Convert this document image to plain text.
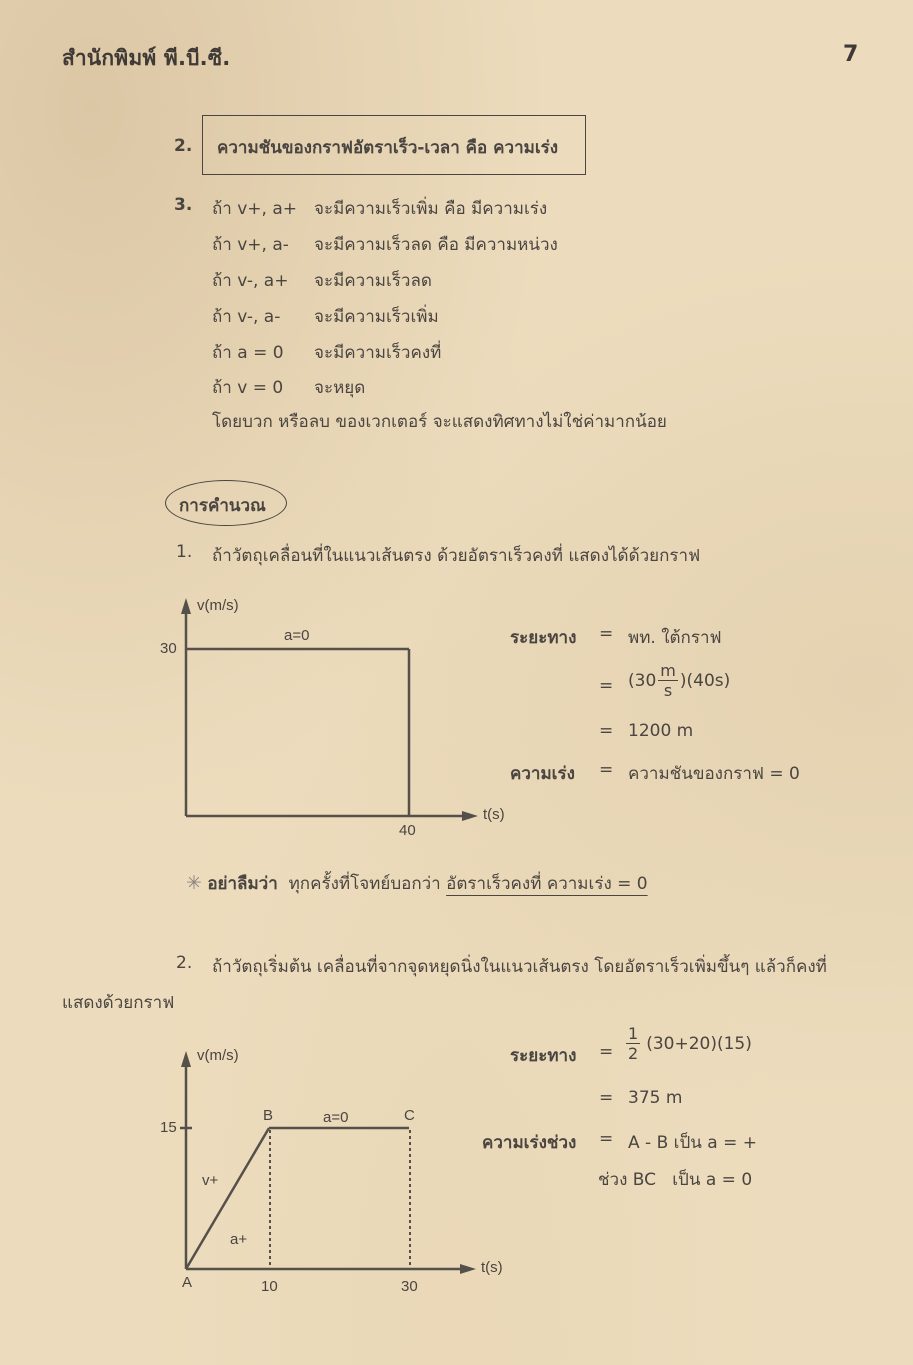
สำนักพิมพ์ พี.บี.ซี.	7
2. ความชันของกราฟอัตราเร็ว-เวลา คือ ความเร่ง
3. ถ้า v+, a+ จะมีความเร็วเพิ่ม คือ มีความเร่ง
ถ้า v+, a- จะมีความเร็วลด คือ มีความหน่วง
ถ้า v-, a+ จะมีความเร็วลด
ถ้า v-, a- จะมีความเร็วเพิ่ม
ถ้า a = 0 จะมีความเร็วคงที่
ถ้า v = 0 จะหยุด
โดยบวก หรือลบ ของเวกเตอร์ จะแสดงทิศทางไม่ใช่ค่ามากน้อย
การคำนวณ
1. ถ้าวัตถุเคลื่อนที่ในแนวเส้นตรง ด้วยอัตราเร็วคงที่ แสดงได้ด้วยกราฟ
v(m/s)
30
a=0
40
t(s)
ระยะทาง = พท. ใต้กราฟ
= $(30 \frac{m}{s} )(40s)$
= 1200 m
ความเร่ง = ความชันของกราฟ = 0
✳ อย่าลืมว่า ทุกครั้งที่โจทย์บอกว่า อัตราเร็วคงที่ ความเร่ง = 0
2. ถ้าวัตถุเริ่มต้น เคลื่อนที่จากจุดหยุดนิ่งในแนวเส้นตรง โดยอัตราเร็วเพิ่มขึ้นๆ แล้วก็คงที่
แสดงด้วยกราฟ
v(m/s)
15
B	a=0	C
v+
a+
A	10	30
t(s)
ระยะทาง = $\frac{1}{2} (30+20)(15)$
= 375 m
ความเร่งช่วง = A - B เป็น a = +
ช่วง BC   เป็น a = 0
